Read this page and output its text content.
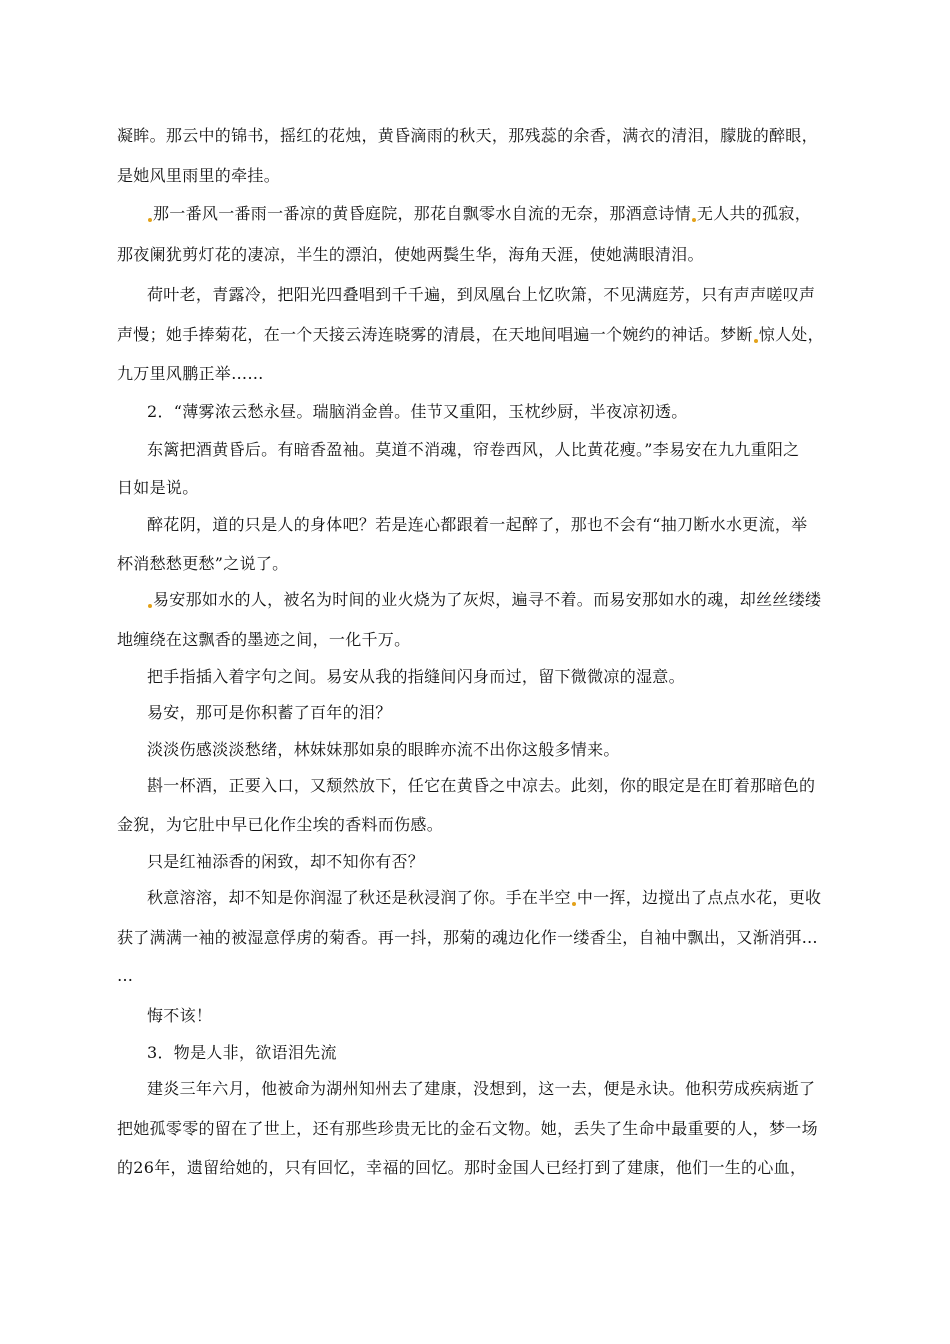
凝眸。那云中的锦书，摇红的花烛，黄昏滴雨的秋天，那残蕊的余香，满衣的清泪，朦胧的醉眼，
是她风里雨里的牵挂。
那一番风一番雨一番凉的黄昏庭院，那花自飘零水自流的无奈，那酒意诗情 无人共的孤寂，
那夜阑犹剪灯花的凄凉，半生的漂泊，使她两鬓生华，海角天涯，使她满眼清泪。
荷叶老，青露冷，把阳光四叠唱到千千遍，到凤凰台上忆吹箫，不见满庭芳，只有声声嗟叹声
声慢；她手捧菊花，在一个天接云涛连晓雾的清晨，在天地间唱遍一个婉约的神话。梦断 惊人处，
九万里风鹏正举……
2．“薄雾浓云愁永昼。瑞脑消金兽。佳节又重阳，玉枕纱厨，半夜凉初透。
东篱把酒黄昏后。有暗香盈袖。莫道不消魂，帘卷西风，人比黄花瘦。”李易安在九九重阳之
日如是说。
醉花阴，道的只是人的身体吧？若是连心都跟着一起醉了，那也不会有“抽刀断水水更流，举
杯消愁愁更愁”之说了。
易安那如水的人，被名为时间的业火烧为了灰烬，遍寻不着。而易安那如水的魂，却丝丝缕缕
地缠绕在这飘香的墨迹之间，一化千万。
把手指插入着字句之间。易安从我的指缝间闪身而过，留下微微凉的湿意。
易安，那可是你积蓄了百年的泪？
淡淡伤感淡淡愁绪，林妹妹那如泉的眼眸亦流不出你这般多情来。
斟一杯酒，正要入口，又颓然放下，任它在黄昏之中凉去。此刻，你的眼定是在盯着那暗色的
金猊，为它肚中早已化作尘埃的香料而伤感。
只是红袖添香的闲致，却不知你有否？
秋意溶溶，却不知是你润湿了秋还是秋浸润了你。手在半空 中一挥，边搅出了点点水花，更收
获了满满一袖的被湿意俘虏的菊香。再一抖，那菊的魂边化作一缕香尘，自袖中飘出，又渐消弭…
…
悔不该！
3．物是人非，欲语泪先流
建炎三年六月，他被命为湖州知州去了建康，没想到，这一去，便是永诀。他积劳成疾病逝了
把她孤零零的留在了世上，还有那些珍贵无比的金石文物。她，丢失了生命中最重要的人，梦一场
的26年，遗留给她的，只有回忆，幸福的回忆。那时金国人已经打到了建康，他们一生的心血，
